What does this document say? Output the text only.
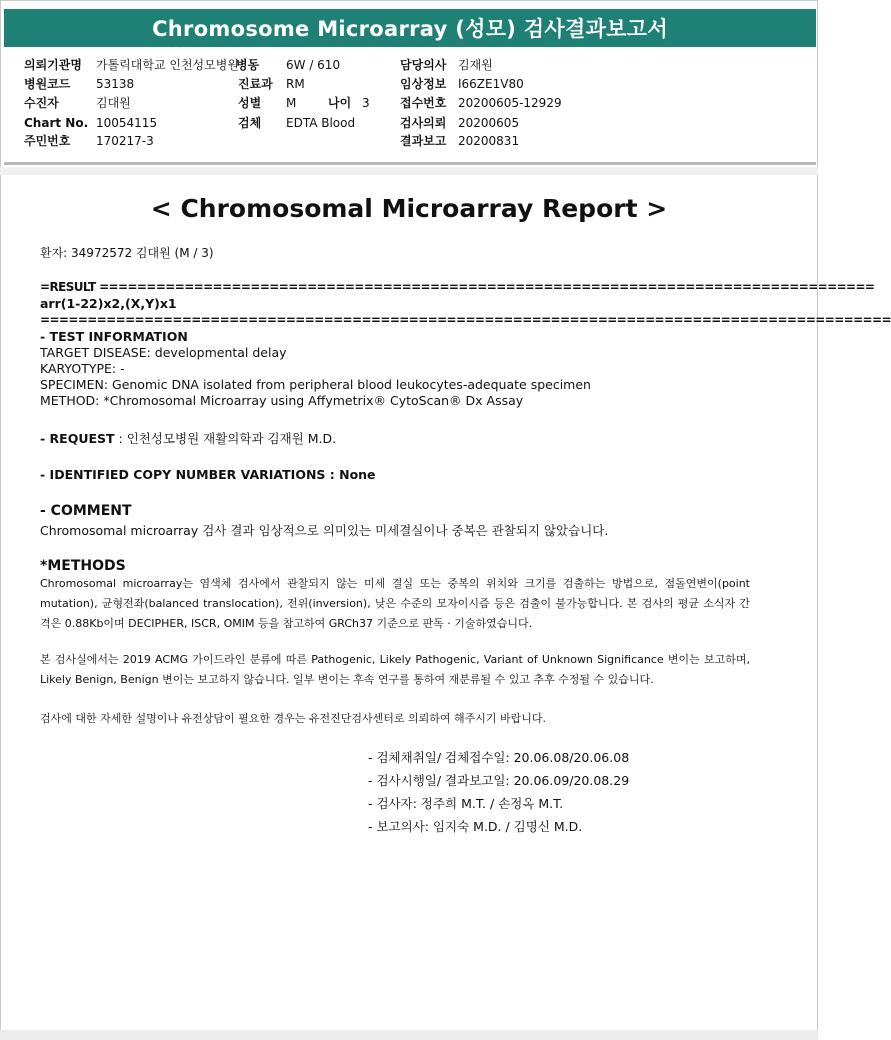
Chromosome Microarray (성모) 검사결과보고서
의뢰기관명 가톨릭대학교 인천성모병원
병원코드 53138
수진자	김대원
Chart No. 10054115
주민번호 170217-3
병동 6W / 610
진료과 RM
성별 M	나이 3
검체 EDTA Blood
담당의사 김재원
임상정보 I66ZE1V80
접수번호 20200605-12929
검사의뢰 20200605
결과보고 20200831
< Chromosomal Microarray Report >
환자: 34972572 김대원 (M / 3)
=RESULT ==================================================================================
arr(1-22)x2,(X,Y)x1
==========================================================================================
- TEST INFORMATION
TARGET DISEASE: developmental delay
KARYOTYPE: -
SPECIMEN: Genomic DNA isolated from peripheral blood leukocytes-adequate specimen
METHOD: *Chromosomal Microarray using Affymetrix® CytoScan® Dx Assay
- REQUEST : 인천성모병원 재활의학과 김재원 M.D.
- IDENTIFIED COPY NUMBER VARIATIONS : None
- COMMENT
Chromosomal microarray 검사 결과 임상적으로 의미있는 미세결실이나 중복은 관찰되지 않았습니다.
*METHODS
Chromosomal microarray는 염색체 검사에서 관찰되지 않는 미세 결실 또는 중복의 위치와 크기를 검출하는 방법으로, 점돌연변이(point mutation), 균형전좌(balanced translocation), 전위(inversion), 낮은 수준의 모자이시즘 등은 검출이 불가능합니다. 본 검사의 평균 소식자 간격은 0.88Kb이며 DECIPHER, ISCR, OMIM 등을 참고하여 GRCh37 기준으로 판독 · 기술하였습니다.
본 검사실에서는 2019 ACMG 가이드라인 분류에 따른 Pathogenic, Likely Pathogenic, Variant of Unknown Significance 변이는 보고하며, Likely Benign, Benign 변이는 보고하지 않습니다. 일부 변이는 후속 연구를 통하여 재분류될 수 있고 추후 수정될 수 있습니다.
검사에 대한 자세한 설명이나 유전상담이 필요한 경우는 유전진단검사센터로 의뢰하여 해주시기 바랍니다.
- 검체채취일/ 검체접수일: 20.06.08/20.06.08
- 검사시행일/ 결과보고일: 20.06.09/20.08.29
- 검사자: 정주희 M.T. / 손정옥 M.T.
- 보고의사: 임지숙 M.D. / 김명신 M.D.
